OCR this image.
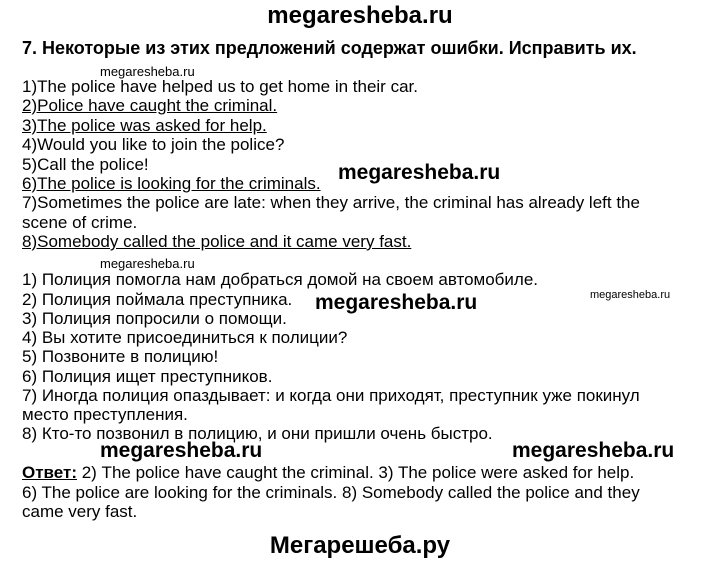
megaresheba.ru
7. Некоторые из этих предложений содержат ошибки. Исправить их.
megaresheba.ru
megaresheba.ru
megaresheba.ru
megaresheba.ru	megaresheba.ru
megaresheba.ru	megaresheba.ru
1)The police have helped us to get home in their car.
2)Police have caught the criminal.
3)The police was asked for help.
4)Would you like to join the police?
5)Call the police!
6)The police is looking for the criminals.
7)Sometimes the police are late: when they arrive, the criminal has already left the
scene of crime.
8)Somebody called the police and it came very fast.
1) Полиция помогла нам добраться домой на своем автомобиле.
2) Полиция поймала преступника.
3) Полиция попросили о помощи.
4) Вы хотите присоединиться к полиции?
5) Позвоните в полицию!
6) Полиция ищет преступников.
7) Иногда полиция опаздывает: и когда они приходят, преступник уже покинул
место преступления.
8) Кто-то позвонил в полицию, и они пришли очень быстро.
Ответ: 2) The police have caught the criminal. 3) The police were asked for help.
6) The police are looking for the criminals. 8) Somebody called the police and they
came very fast.
Мегарешеба.ру
